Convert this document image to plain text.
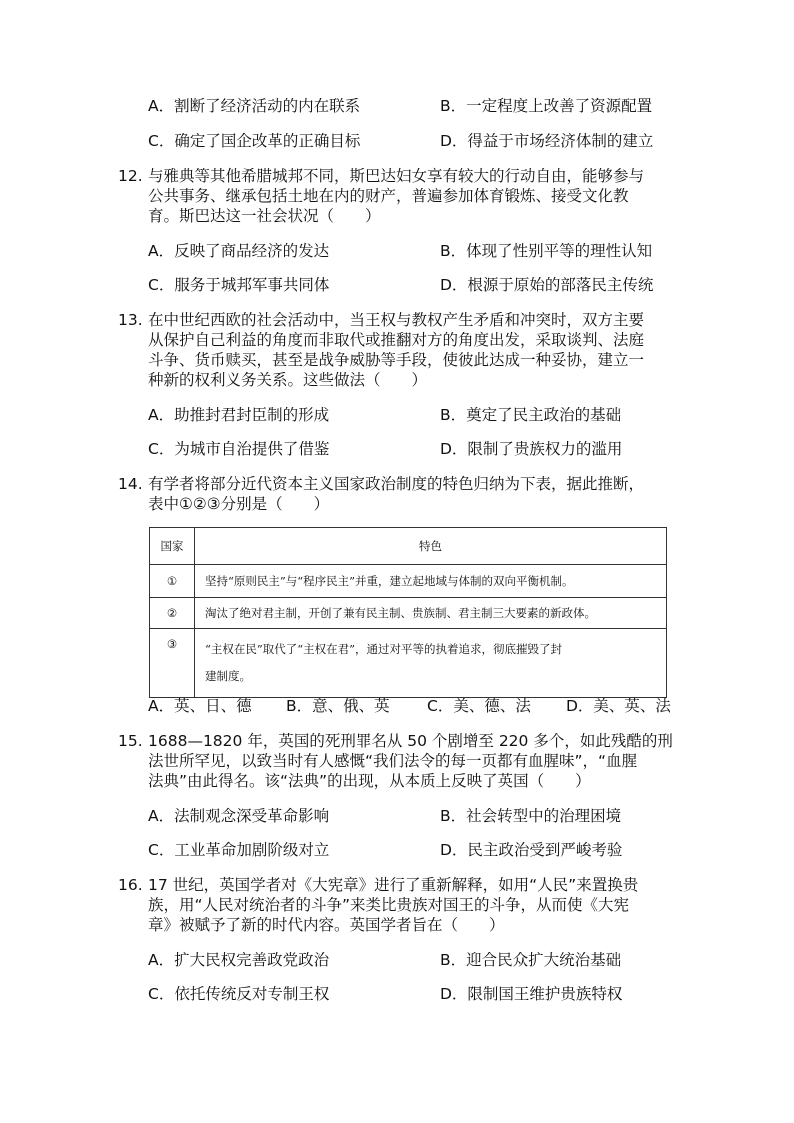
A．割断了经济活动的内在联系	B．一定程度上改善了资源配置
C．确定了国企改革的正确目标	D．得益于市场经济体制的建立
12. 与雅典等其他希腊城邦不同，斯巴达妇女享有较大的行动自由，能够参与
公共事务、继承包括土地在内的财产，普遍参加体育锻炼、接受文化教
育。斯巴达这一社会状况（　　）
A．反映了商品经济的发达	B．体现了性别平等的理性认知
C．服务于城邦军事共同体	D．根源于原始的部落民主传统
13. 在中世纪西欧的社会活动中，当王权与教权产生矛盾和冲突时，双方主要
从保护自己利益的角度而非取代或推翻对方的角度出发，采取谈判、法庭
斗争、货币赎买，甚至是战争威胁等手段，使彼此达成一种妥协，建立一
种新的权利义务关系。这些做法（　　）
A．助推封君封臣制的形成	B．奠定了民主政治的基础
C．为城市自治提供了借鉴	D．限制了贵族权力的滥用
14. 有学者将部分近代资本主义国家政治制度的特色归纳为下表，据此推断，
表中①②③分别是（　　）
国家	特色
①	坚持“原则民主”与“程序民主”并重，建立起地域与体制的双向平衡机制。
②	淘汰了绝对君主制，开创了兼有民主制、贵族制、君主制三大要素的新政体。
③	“主权在民”取代了“主权在君”，通过对平等的执着追求，彻底摧毁了封
建制度。
A．英、日、德 B．意、俄、英 C．美、德、法 D．美、英、法
15. 1688—1820 年，英国的死刑罪名从 50 个剧增至 220 多个，如此残酷的刑
法世所罕见，以致当时有人感慨“我们法令的每一页都有血腥味”，“血腥
法典”由此得名。该“法典”的出现，从本质上反映了英国（　　）
A．法制观念深受革命影响	B．社会转型中的治理困境
C．工业革命加剧阶级对立	D．民主政治受到严峻考验
16. 17 世纪，英国学者对《大宪章》进行了重新解释，如用“人民”来置换贵
族，用“人民对统治者的斗争”来类比贵族对国王的斗争，从而使《大宪
章》被赋予了新的时代内容。英国学者旨在（　　）
A．扩大民权完善政党政治	B．迎合民众扩大统治基础
C．依托传统反对专制王权	D．限制国王维护贵族特权
